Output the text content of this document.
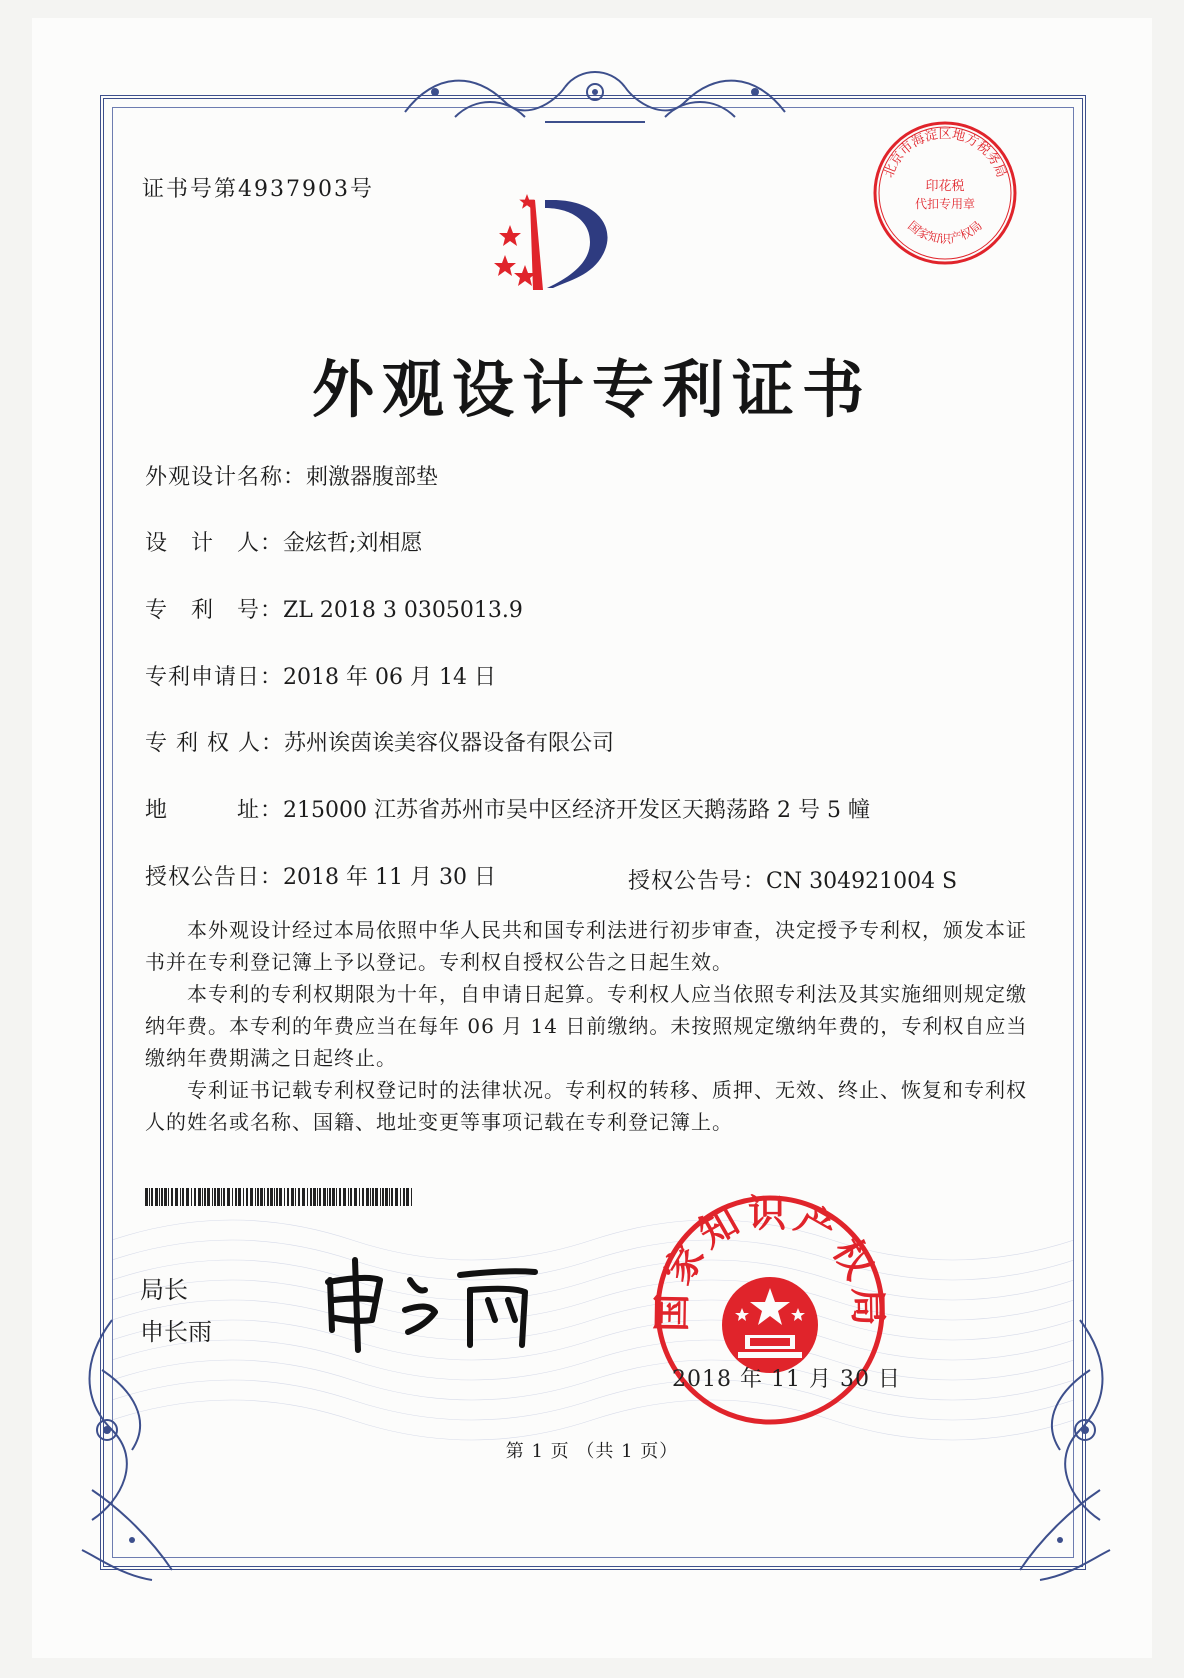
证书号第4937903号
外观设计专利证书
外观设计名称：刺激器腹部垫
设　计　人：金炫哲;刘相愿
专　利　号：ZL 2018 3 0305013.9
专利申请日：2018 年 06 月 14 日
专 利 权 人：苏州诶茵诶美容仪器设备有限公司
地　　　址：215000 江苏省苏州市吴中区经济开发区天鹅荡路 2 号 5 幢
授权公告日：2018 年 11 月 30 日	授权公告号：CN 304921004 S
　　本外观设计经过本局依照中华人民共和国专利法进行初步审查，决定授予专利权，颁发本证书并在专利登记簿上予以登记。专利权自授权公告之日起生效。
　　本专利的专利权期限为十年，自申请日起算。专利权人应当依照专利法及其实施细则规定缴纳年费。本专利的年费应当在每年 06 月 14 日前缴纳。未按照规定缴纳年费的，专利权自应当缴纳年费期满之日起终止。
　　专利证书记载专利权登记时的法律状况。专利权的转移、质押、无效、终止、恢复和专利权人的姓名或名称、国籍、地址变更等事项记载在专利登记簿上。
局长
申长雨
北京市海淀区地方税务局
国家知识产权局
印花税
代扣专用章
国家知识产权局
2018 年 11 月 30 日
第 1 页 （共 1 页）
